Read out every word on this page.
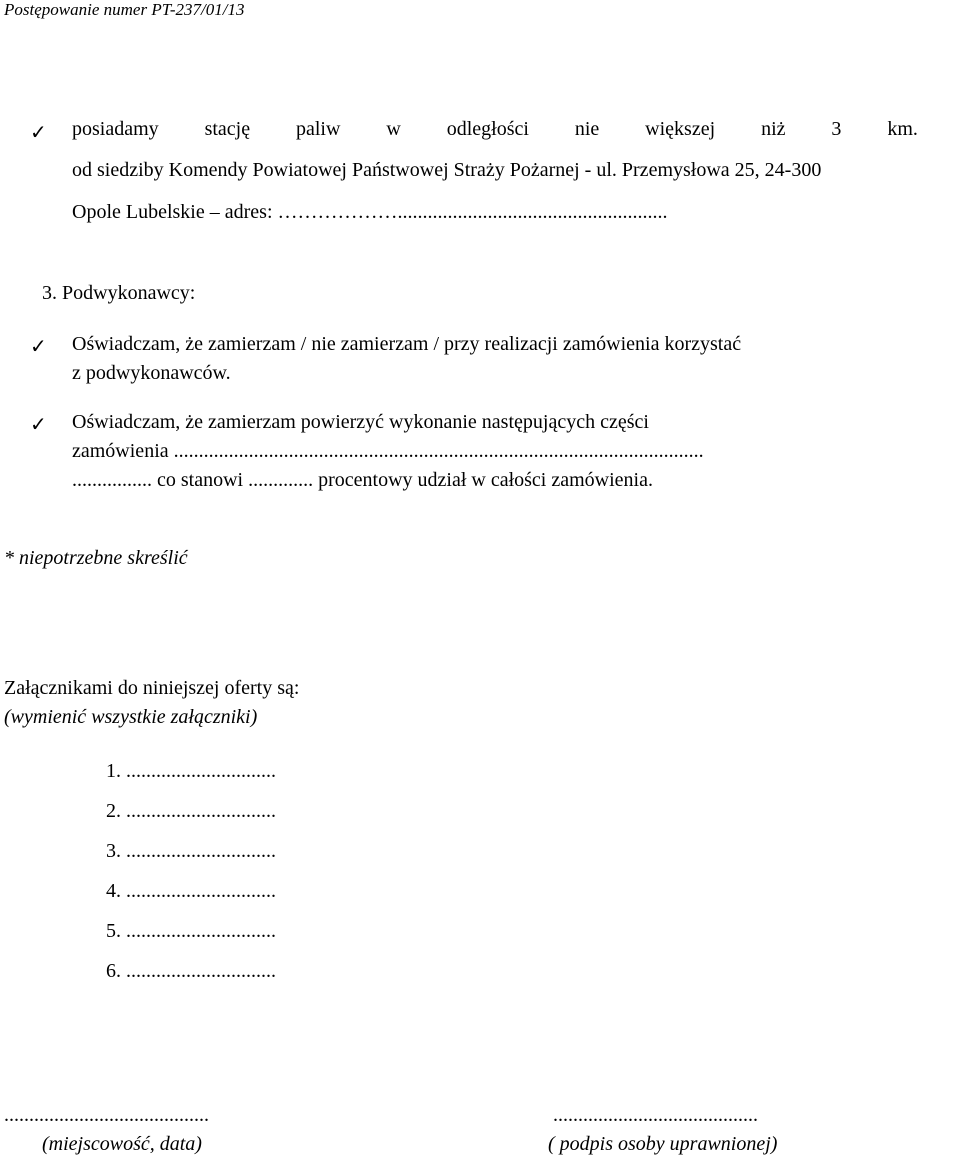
Postępowanie numer PT-237/01/13
✓ posiadamy stację paliw w odległości nie większej niż 3 km.
od siedziby Komendy Powiatowej Państwowej Straży Pożarnej - ul. Przemysłowa 25, 24-300
Opole Lubelskie – adres: ………………......................................................
3. Podwykonawcy:
✓ Oświadczam, że zamierzam / nie zamierzam / przy realizacji zamówienia korzystać
z podwykonawców.
✓ Oświadczam, że zamierzam powierzyć wykonanie następujących części
zamówienia ..........................................................................................................
................ co stanowi ............. procentowy udział w całości zamówienia.
* niepotrzebne skreślić
Załącznikami do niniejszej oferty są:
(wymienić wszystkie załączniki)
1. ..............................
2. ..............................
3. ..............................
4. ..............................
5. ..............................
6. ..............................
.........................................
(miejscowość, data)
.........................................
( podpis osoby uprawnionej)
